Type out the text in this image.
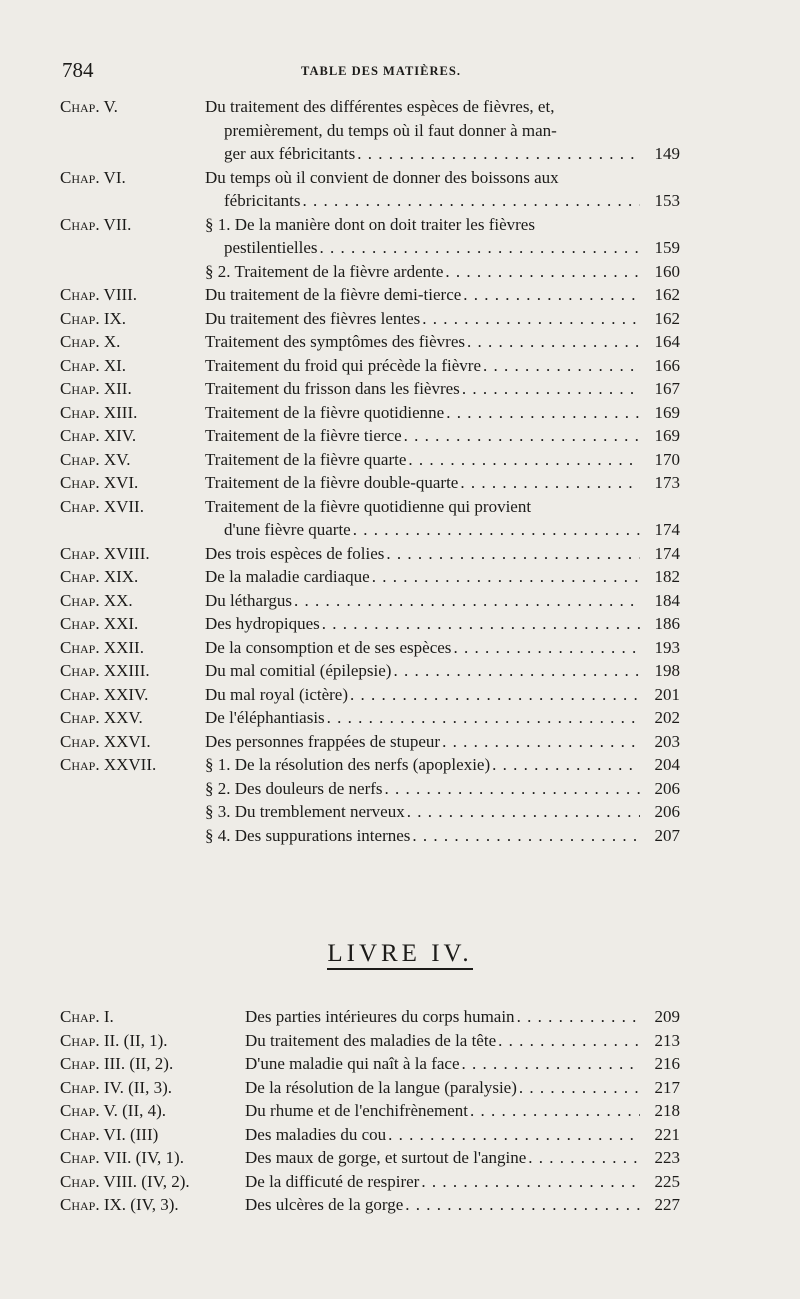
784	TABLE DES MATIÈRES.
Chap. V.	Du traitement des différentes espèces de fièvres, et,
premièrement, du temps où il faut donner à man-
ger aux fébricitants . . .	149
Chap. VI.	Du temps où il convient de donner des boissons aux
fébricitants . . .	153
Chap. VII.	§ 1. De la manière dont on doit traiter les fièvres
pestilentielles . . .	159
§ 2. Traitement de la fièvre ardente . . .	160
Chap. VIII.	Du traitement de la fièvre demi-tierce . . .	162
Chap. IX.	Du traitement des fièvres lentes . . .	162
Chap. X.	Traitement des symptômes des fièvres . . .	164
Chap. XI.	Traitement du froid qui précède la fièvre . . .	166
Chap. XII.	Traitement du frisson dans les fièvres . . .	167
Chap. XIII.	Traitement de la fièvre quotidienne . . .	169
Chap. XIV.	Traitement de la fièvre tierce . . .	169
Chap. XV.	Traitement de la fièvre quarte . . .	170
Chap. XVI.	Traitement de la fièvre double-quarte . . .	173
Chap. XVII.	Traitement de la fièvre quotidienne qui provient
d'une fièvre quarte . . .	174
Chap. XVIII.	Des trois espèces de folies . . .	174
Chap. XIX.	De la maladie cardiaque . . .	182
Chap. XX.	Du léthargus . . .	184
Chap. XXI.	Des hydropiques . . .	186
Chap. XXII.	De la consomption et de ses espèces . . .	193
Chap. XXIII.	Du mal comitial (épilepsie) . . .	198
Chap. XXIV.	Du mal royal (ictère) . . .	201
Chap. XXV.	De l'éléphantiasis . . .	202
Chap. XXVI.	Des personnes frappées de stupeur . . .	203
Chap. XXVII.	§ 1. De la résolution des nerfs (apoplexie) . . .	204
§ 2. Des douleurs de nerfs . . .	206
§ 3. Du tremblement nerveux . . .	206
§ 4. Des suppurations internes . . .	207
LIVRE IV.
Chap. I.	Des parties intérieures du corps humain . . .	209
Chap. II. (II, 1).	Du traitement des maladies de la tête . . .	213
Chap. III. (II, 2).	D'une maladie qui naît à la face . . .	216
Chap. IV. (II, 3).	De la résolution de la langue (paralysie) . . .	217
Chap. V. (II, 4).	Du rhume et de l'enchifrènement . . .	218
Chap. VI. (III)	Des maladies du cou . . .	221
Chap. VII. (IV, 1).	Des maux de gorge, et surtout de l'angine . . .	223
Chap. VIII. (IV, 2).	De la difficuté de respirer . . .	225
Chap. IX. (IV, 3).	Des ulcères de la gorge . . .	227
